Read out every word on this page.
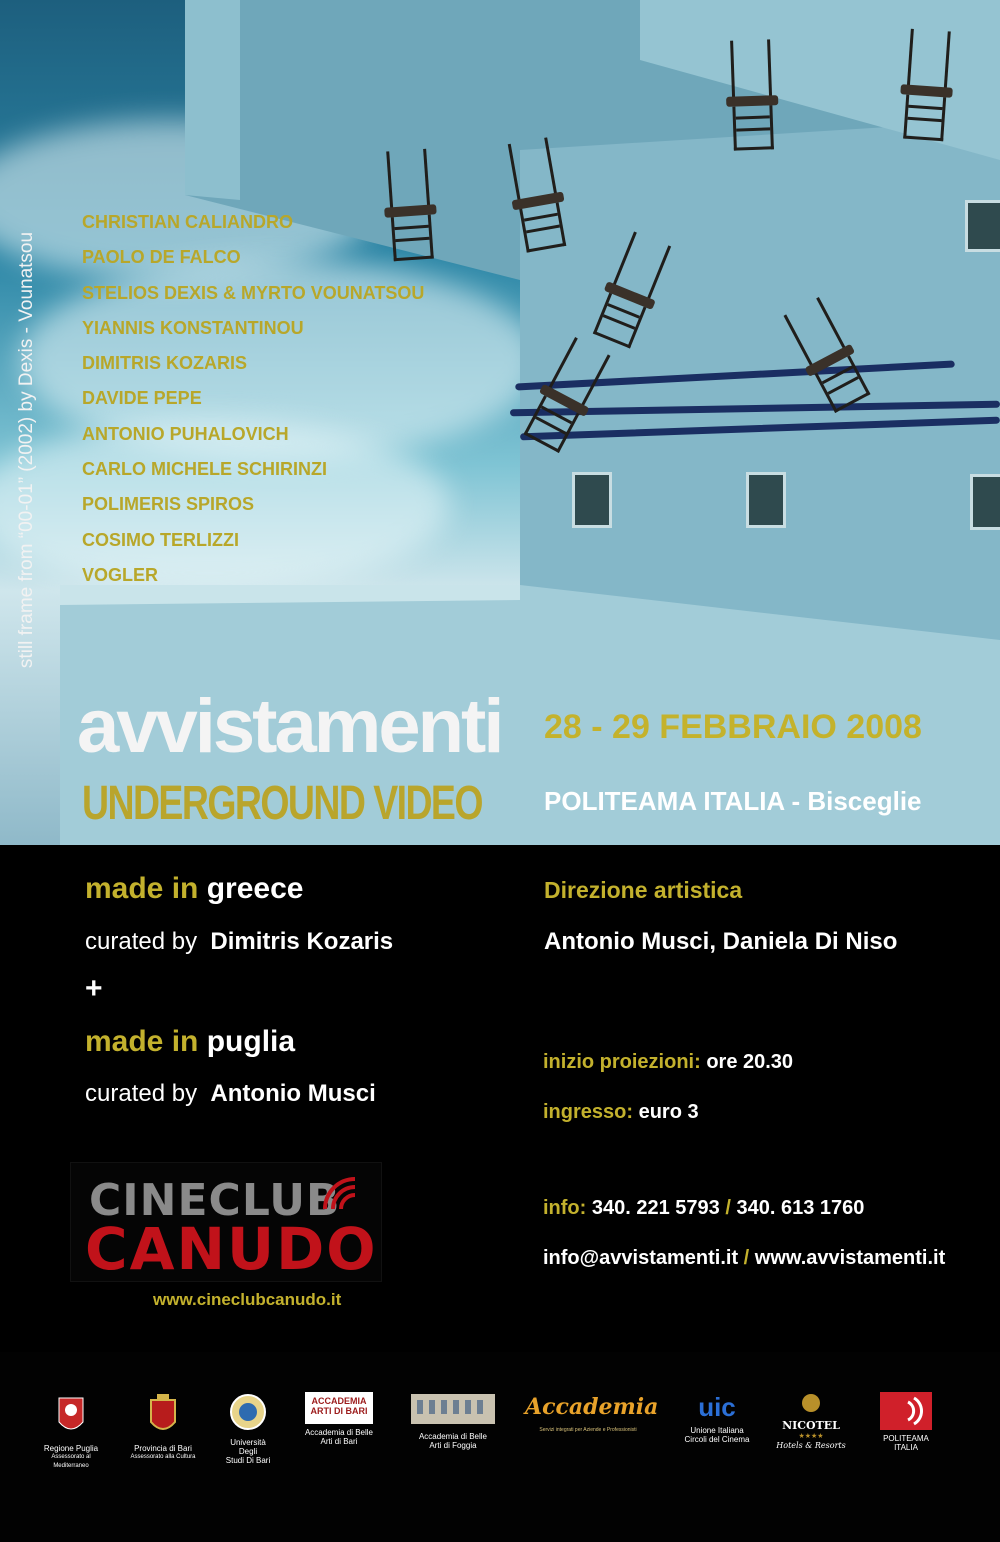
still frame from “00-01” (2002) by Dexis - Vounatsou
CHRISTIAN CALIANDRO
PAOLO DE FALCO
STELIOS DEXIS & MYRTO VOUNATSOU
YIANNIS KONSTANTINOU
DIMITRIS KOZARIS
DAVIDE PEPE
ANTONIO PUHALOVICH
CARLO MICHELE SCHIRINZI
POLIMERIS SPIROS
COSIMO TERLIZZI
VOGLER
avvistamenti
UNDERGROUND VIDEO
28 - 29 FEBBRAIO 2008
POLITEAMA ITALIA - Bisceglie
made in greece
curated by Dimitris Kozaris
+
made in puglia
curated by Antonio Musci
Direzione artistica
Antonio Musci, Daniela Di Niso
inizio proiezioni: ore 20.30
ingresso: euro 3
info: 340. 221 5793 / 340. 613 1760
info@avvistamenti.it / www.avvistamenti.it
CINECLUB
CANUDO
www.cineclubcanudo.it
Regione Puglia
Assessorato al Mediterraneo
Provincia di Bari
Assessorato alla Cultura
Università Degli
Studi Di Bari
ACCADEMIA ARTI DI BARI
Accademia di Belle
Arti di Bari
Accademia di Belle
Arti di Foggia
Accademia
Servizi integrati per Aziende e Professionisti
uic
Unione Italiana
Circoli del Cinema
NICOTEL
★★★★
Hotels & Resorts
POLITEAMA
ITALIA
